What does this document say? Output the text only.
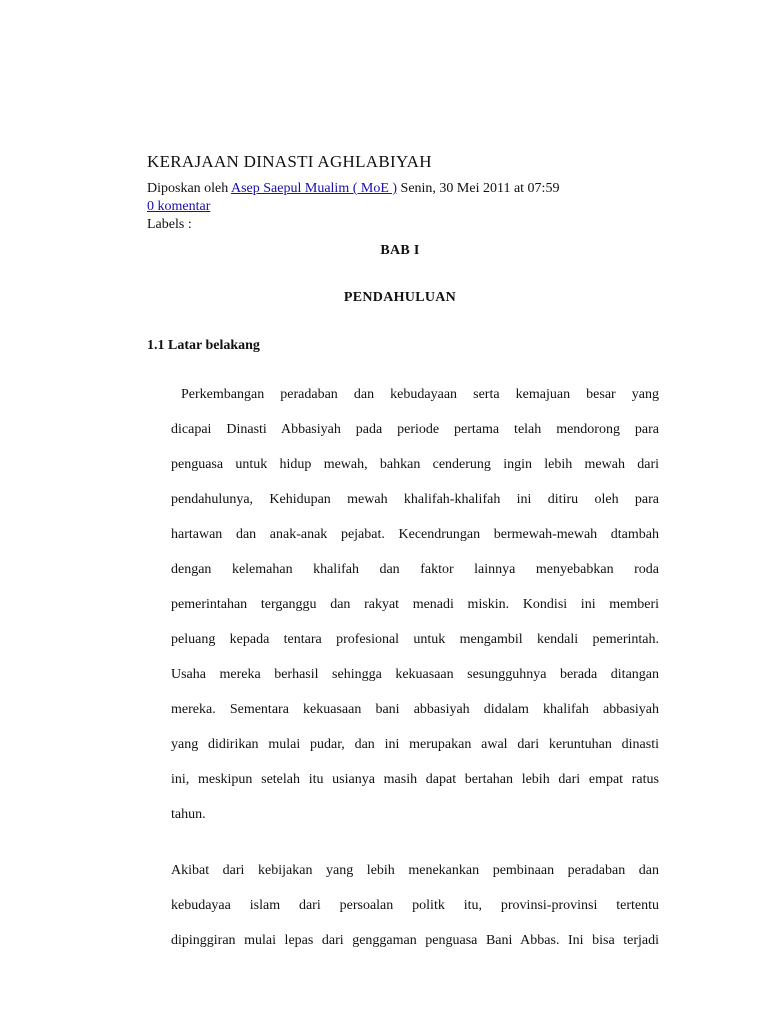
KERAJAAN DINASTI AGHLABIYAH
Diposkan oleh Asep Saepul Mualim ( MoE ) Senin, 30 Mei 2011 at 07:59
0 komentar
Labels :
BAB I
PENDAHULUAN
1.1 Latar belakang
Perkembangan peradaban dan kebudayaan serta kemajuan besar yang
dicapai Dinasti Abbasiyah pada periode pertama telah mendorong para
penguasa untuk hidup mewah, bahkan cenderung ingin lebih mewah dari
pendahulunya, Kehidupan mewah khalifah-khalifah ini ditiru oleh para
hartawan dan anak-anak pejabat. Kecendrungan bermewah-mewah dtambah
dengan kelemahan khalifah dan faktor lainnya menyebabkan roda
pemerintahan terganggu dan rakyat menadi miskin. Kondisi ini memberi
peluang kepada tentara profesional untuk mengambil kendali pemerintah.
Usaha mereka berhasil sehingga kekuasaan sesungguhnya berada ditangan
mereka. Sementara kekuasaan bani abbasiyah didalam khalifah abbasiyah
yang didirikan mulai pudar, dan ini merupakan awal dari keruntuhan dinasti
ini, meskipun setelah itu usianya masih dapat bertahan lebih dari empat ratus
tahun.
Akibat dari kebijakan yang lebih menekankan pembinaan peradaban dan
kebudayaa islam dari persoalan politk itu, provinsi-provinsi tertentu
dipinggiran mulai lepas dari genggaman penguasa Bani Abbas. Ini bisa terjadi
